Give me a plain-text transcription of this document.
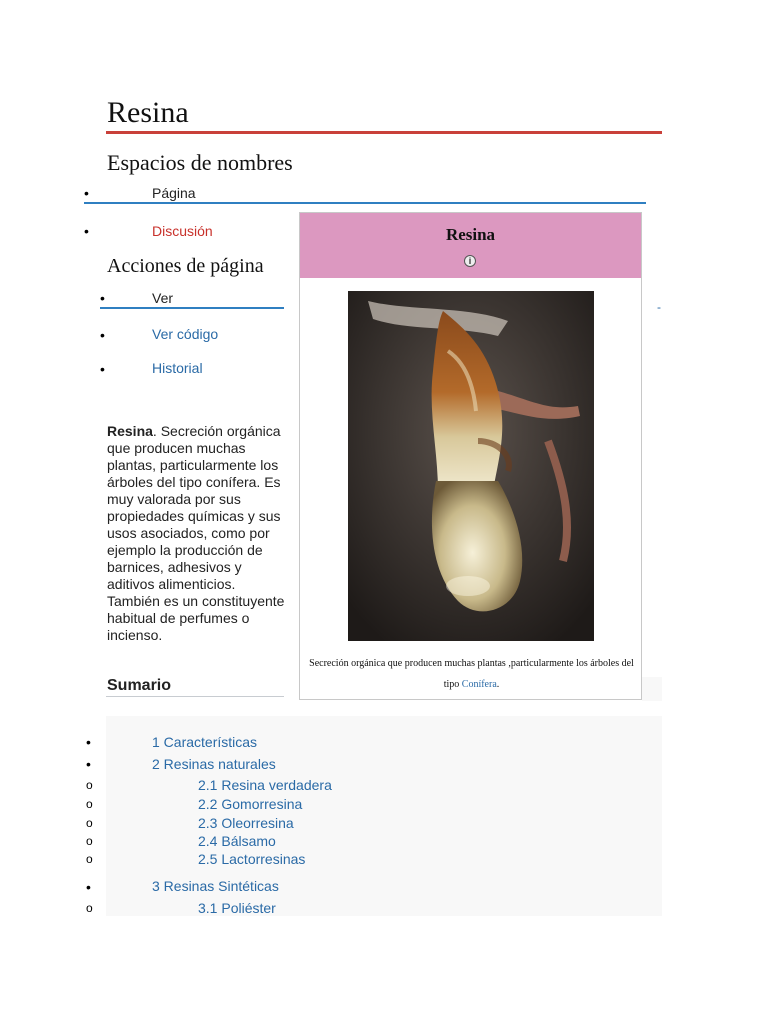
Resina
Espacios de nombres
•	Página
•	Discusión
Acciones de página
•	Ver
•	Ver código
•	Historial
-
Resina
i
Secreción orgánica que producen muchas plantas ,particularmente los árboles del tipo Conífera.
Resina. Secreción orgánica que producen muchas plantas, particularmente los árboles del tipo conífera. Es muy valorada por sus propiedades químicas y sus usos asociados, como por ejemplo la producción de barnices, adhesivos y aditivos alimenticios. También es un constituyente habitual de perfumes o incienso.
Sumario
•	1 Características
•	2 Resinas naturales
o	2.1 Resina verdadera
o	2.2 Gomorresina
o	2.3 Oleorresina
o	2.4 Bálsamo
o	2.5 Lactorresinas
•	3 Resinas Sintéticas
o	3.1 Poliéster
